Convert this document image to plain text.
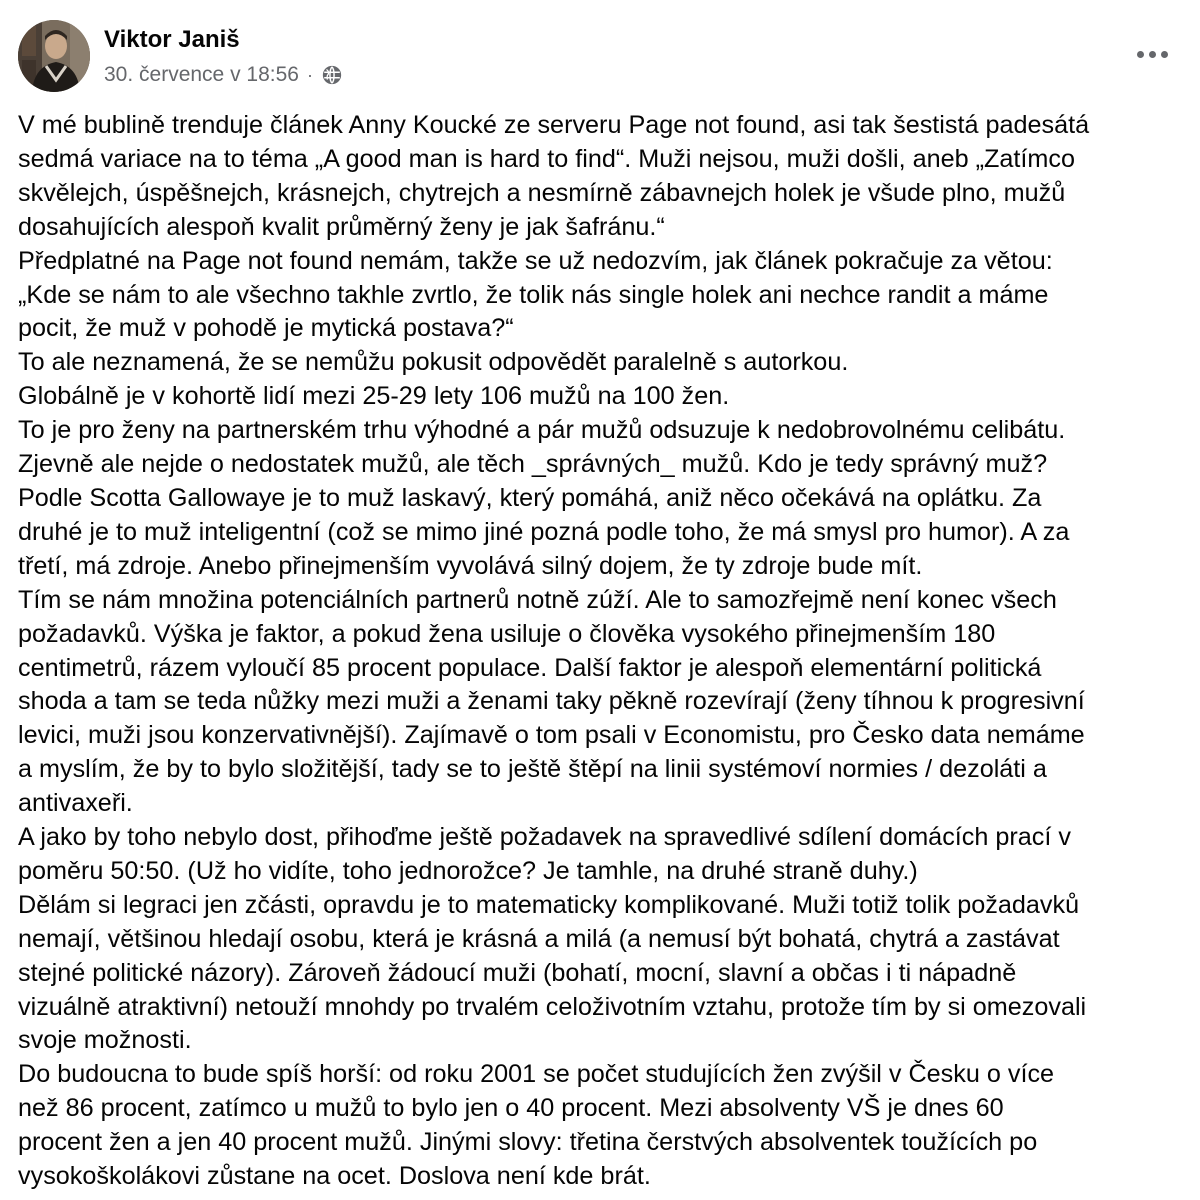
Viktor Janiš
30. července v 18:56 ·

V mé bublině trenduje článek Anny Koucké ze serveru Page not found, asi tak šestistá padesátá

sedmá variace na to téma „A good man is hard to find“. Muži nejsou, muži došli, aneb „Zatímco

skvělejch, úspěšnejch, krásnejch, chytrejch a nesmírně zábavnejch holek je všude plno, mužů

dosahujících alespoň kvalit průměrný ženy je jak šafránu.“

Předplatné na Page not found nemám, takže se už nedozvím, jak článek pokračuje za větou:

„Kde se nám to ale všechno takhle zvrtlo, že tolik nás single holek ani nechce randit a máme

pocit, že muž v pohodě je mytická postava?“

To ale neznamená, že se nemůžu pokusit odpovědět paralelně s autorkou.

Globálně je v kohortě lidí mezi 25-29 lety 106 mužů na 100 žen.

To je pro ženy na partnerském trhu výhodné a pár mužů odsuzuje k nedobrovolnému celibátu.

Zjevně ale nejde o nedostatek mužů, ale těch _správných_ mužů. Kdo je tedy správný muž?

Podle Scotta Gallowaye je to muž laskavý, který pomáhá, aniž něco očekává na oplátku. Za

druhé je to muž inteligentní (což se mimo jiné pozná podle toho, že má smysl pro humor). A za

třetí, má zdroje. Anebo přinejmenším vyvolává silný dojem, že ty zdroje bude mít.

Tím se nám množina potenciálních partnerů notně zúží. Ale to samozřejmě není konec všech

požadavků. Výška je faktor, a pokud žena usiluje o člověka vysokého přinejmenším 180

centimetrů, rázem vyloučí 85 procent populace. Další faktor je alespoň elementární politická

shoda a tam se teda nůžky mezi muži a ženami taky pěkně rozevírají (ženy tíhnou k progresivní

levici, muži jsou konzervativnější). Zajímavě o tom psali v Economistu, pro Česko data nemáme

a myslím, že by to bylo složitější, tady se to ještě štěpí na linii systémoví normies / dezoláti a

antivaxeři.

A jako by toho nebylo dost, přihoďme ještě požadavek na spravedlivé sdílení domácích prací v

poměru 50:50. (Už ho vidíte, toho jednorožce? Je tamhle, na druhé straně duhy.)

Dělám si legraci jen zčásti, opravdu je to matematicky komplikované. Muži totiž tolik požadavků

nemají, většinou hledají osobu, která je krásná a milá (a nemusí být bohatá, chytrá a zastávat

stejné politické názory). Zároveň žádoucí muži (bohatí, mocní, slavní a občas i ti nápadně

vizuálně atraktivní) netouží mnohdy po trvalém celoživotním vztahu, protože tím by si omezovali

svoje možnosti.

Do budoucna to bude spíš horší: od roku 2001 se počet studujících žen zvýšil v Česku o více

než 86 procent, zatímco u mužů to bylo jen o 40 procent. Mezi absolventy VŠ je dnes 60

procent žen a jen 40 procent mužů. Jinými slovy: třetina čerstvých absolventek toužících po

vysokoškolákovi zůstane na ocet. Doslova není kde brát.
